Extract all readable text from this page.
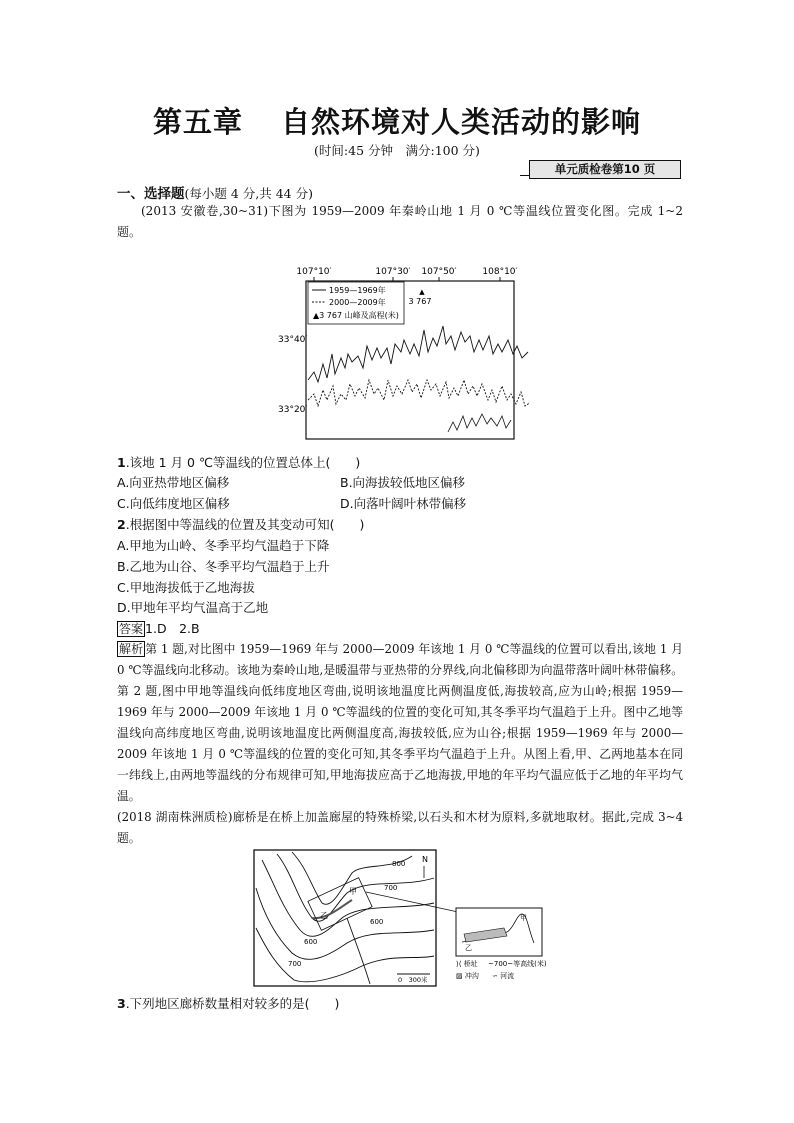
第五章 自然环境对人类活动的影响
(时间:45 分钟　满分:100 分)
单元质检卷第10 页
一、选择题(每小题 4 分,共 44 分)
(2013 安徽卷,30~31)下图为 1959—2009 年秦岭山地 1 月 0 ℃等温线位置变化图。完成 1~2 题。
107°10′	107°30′ 107°50′	108°10′
33°40′
33°20′
1959—1969年
2000—2009年
▲3 767 山峰及高程(米)
▲
3 767
1.该地 1 月 0 ℃等温线的位置总体上(　　)
A.向亚热带地区偏移	B.向海拔较低地区偏移
C.向低纬度地区偏移	D.向落叶阔叶林带偏移
2.根据图中等温线的位置及其变动可知(　　)
A.甲地为山岭、冬季平均气温趋于下降
B.乙地为山谷、冬季平均气温趋于上升
C.甲地海拔低于乙地海拔
D.甲地年平均气温高于乙地
答案 1.D　2.B
解析 第 1 题,对比图中 1959—1969 年与 2000—2009 年该地 1 月 0 ℃等温线的位置可以看出,该地 1 月 0 ℃等温线向北移动。该地为秦岭山地,是暖温带与亚热带的分界线,向北偏移即为向温带落叶阔叶林带偏移。第 2 题,图中甲地等温线向低纬度地区弯曲,说明该地温度比两侧温度低,海拔较高,应为山岭;根据 1959—1969 年与 2000—2009 年该地 1 月 0 ℃等温线的位置的变化可知,其冬季平均气温趋于上升。图中乙地等温线向高纬度地区弯曲,说明该地温度比两侧温度高,海拔较低,应为山谷;根据 1959—1969 年与 2000—2009 年该地 1 月 0 ℃等温线的位置的变化可知,其冬季平均气温趋于上升。从图上看,甲、乙两地基本在同一纬线上,由两地等温线的分布规律可知,甲地海拔应高于乙地海拔,甲地的年平均气温应低于乙地的年平均气温。
(2018 湖南株洲质检)廊桥是在桥上加盖廊屋的特殊桥梁,以石头和木材为原料,多就地取材。据此,完成 3~4 题。
800
700
600
700
600
甲
乙
N
0　300米
乙
甲
⟩⟨ 桥址 ~700~等高线(米)
▨ 冲沟 ∽ 河流
3.下列地区廊桥数量相对较多的是(　　)
